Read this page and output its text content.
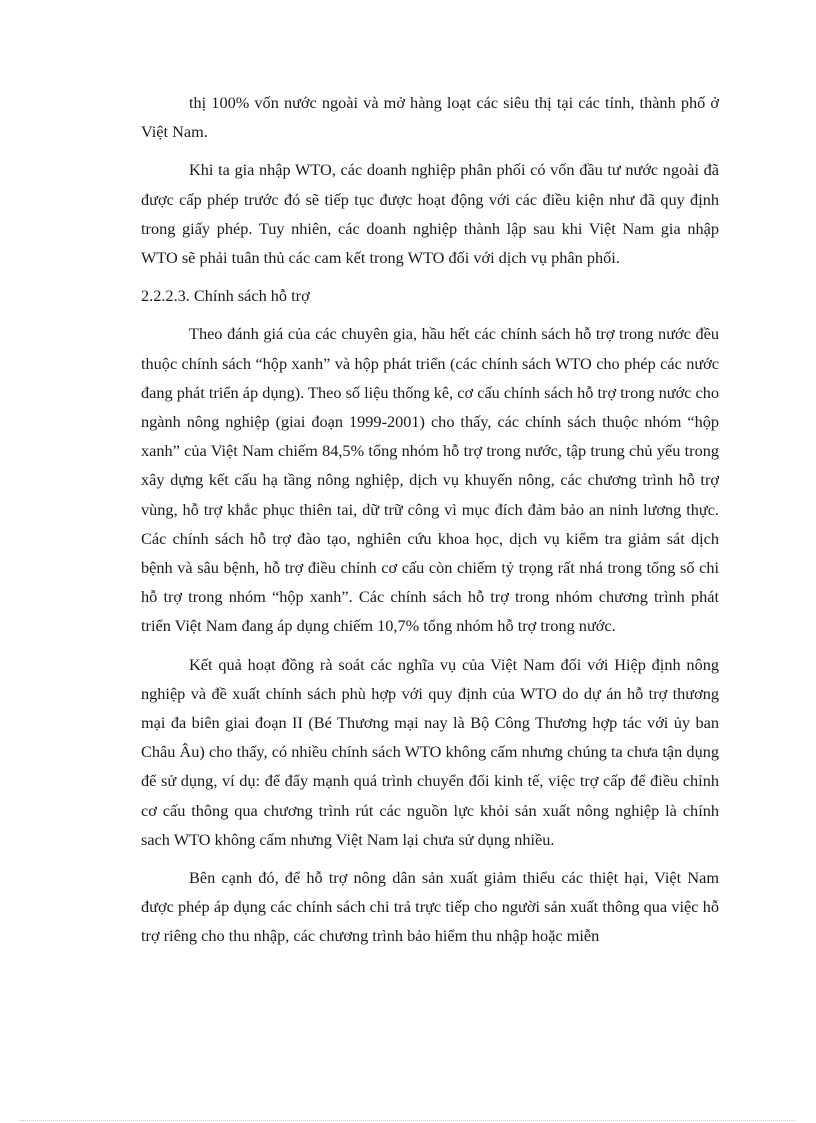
thị 100% vốn nước ngoài và mở hàng loạt các siêu thị tại các tỉnh, thành phố ở Việt Nam.

Khi ta gia nhập WTO, các doanh nghiệp phân phối có vốn đầu tư nước ngoài đã được cấp phép trước đó sẽ tiếp tục được hoạt động với các điều kiện như đã quy định trong giấy phép. Tuy nhiên, các doanh nghiệp thành lập sau khi Việt Nam gia nhập WTO sẽ phải tuân thủ các cam kết trong WTO đối với dịch vụ phân phối.

2.2.2.3. Chính sách hỗ trợ

Theo đánh giá của các chuyên gia, hầu hết các chính sách hỗ trợ trong nước đều thuộc chính sách “hộp xanh” và hộp phát triển (các chính sách WTO cho phép các nước đang phát triển áp dụng). Theo số liệu thống kê, cơ cấu chính sách hỗ trợ trong nước cho ngành nông nghiệp (giai đoạn 1999-2001) cho thấy, các chính sách thuộc nhóm “hộp xanh” của Việt Nam chiếm 84,5% tổng nhóm hỗ trợ trong nước, tập trung chủ yếu trong xây dựng kết cấu hạ tầng nông nghiệp, dịch vụ khuyến nông, các chương trình hỗ trợ vùng, hỗ trợ khắc phục thiên tai, dữ trữ công vì mục đích đảm bảo an ninh lương thực. Các chính sách hỗ trợ đào tạo, nghiên cứu khoa học, dịch vụ kiểm tra giảm sát dịch bệnh và sâu bệnh, hỗ trợ điều chỉnh cơ cấu còn chiếm tỷ trọng rất nhá trong tổng số chi hỗ trợ trong nhóm “hộp xanh”. Các chính sách hỗ trợ trong nhóm chương trình phát triển Việt Nam đang áp dụng chiếm 10,7% tổng nhóm hỗ trợ trong nước.

Kết quả hoạt đồng rà soát các nghĩa vụ của Việt Nam đối với Hiệp định nông nghiệp và đề xuất chính sách phù hợp với quy định của WTO do dự án hỗ trợ thương mại đa biên giai đoạn II (Bé Thương mại nay là Bộ Công Thương hợp tác với ủy ban Châu Âu) cho thấy, có nhiều chính sách WTO không cấm nhưng chúng ta chưa tận dụng để sử dụng, ví dụ: để đẩy mạnh quá trình chuyển đổi kinh tế, việc trợ cấp để điều chỉnh cơ cấu thông qua chương trình rút các nguồn lực khỏi sản xuất nông nghiệp là chính sach WTO không cấm nhưng Việt Nam lại chưa sử dụng nhiều.

Bên cạnh đó, để hỗ trợ nông dân sản xuất giảm thiểu các thiệt hại, Việt Nam được phép áp dụng các chính sách chi trả trực tiếp cho người sản xuất thông qua việc hỗ trợ riêng cho thu nhập, các chương trình bảo hiểm thu nhập hoặc miễn
